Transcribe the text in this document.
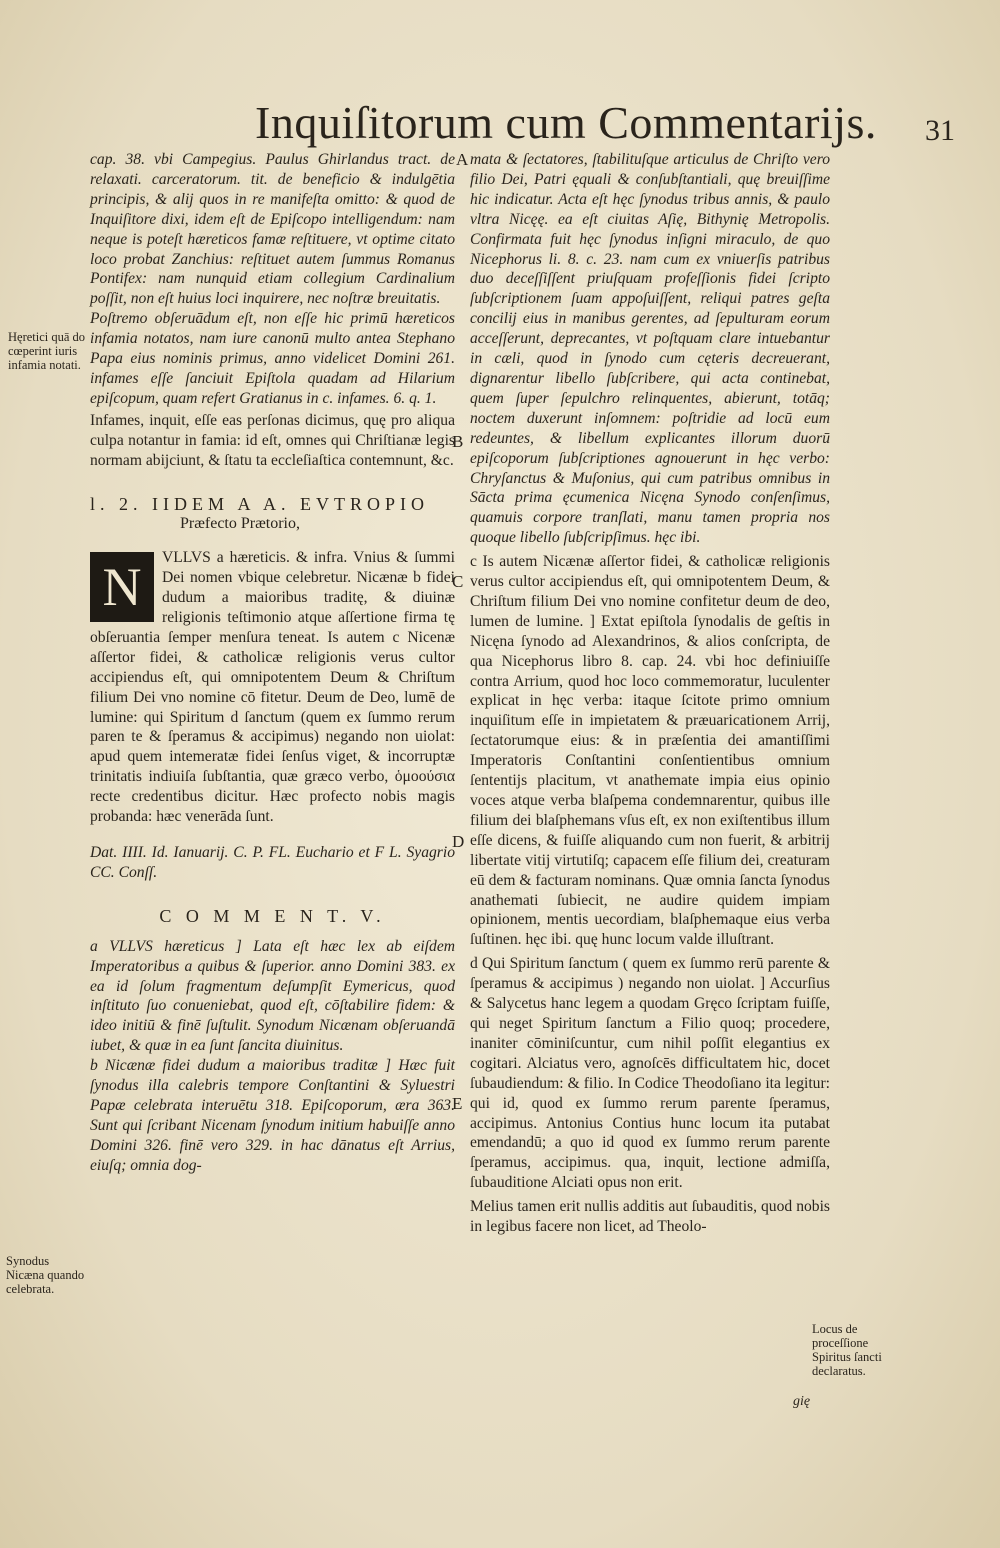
Inquiſitorum cum Commentarijs. 31

cap. 38. vbi Campegius. Paulus Ghirlandus tract. de relaxati. carceratorum. tit. de beneficio & indulgētia principis, & alij quos in re manifeſta omitto: & quod de Inquiſitore dixi, idem eſt de Epiſcopo intelligendum: nam neque is poteſt hæreticos famæ reſtituere, vt optime citato loco probat Zanchius: reſtituet autem ſummus Romanus Pontifex: nam nunquid etiam collegium Cardinalium poſſit, non eſt huius loci inquirere, nec noſtræ breuitatis.

Poſtremo obſeruādum eſt, non eſſe hic primū hæreticos infamia notatos, nam iure canonū multo antea Stephano Papa eius nominis primus, anno videlicet Domini 261. infames eſſe ſanciuit Epiſtola quadam ad Hilarium epiſcopum, quam refert Gratianus in c. infames. 6. q. 1.

Infames, inquit, eſſe eas perſonas dicimus, quę pro aliqua culpa notantur in famia: id eſt, omnes qui Chriſtianæ legis normam abijciunt, & ſtatu ta eccleſiaſtica contemnunt, &c.

l. 2. IIDEM A A. EVTROPIO
Præfecto Prætorio,
N	VLLVS a hæreticis. & infra. Vnius & ſummi Dei nomen vbique celebretur. Nicænæ b fidei dudum a maioribus traditę, & diuinæ religionis teſtimonio atque aſſertione firma tę obſeruantia ſemper menſura teneat. Is autem c Nicenæ aſſertor fidei, & catholicæ religionis verus cultor accipiendus eſt, qui omnipotentem Deum & Chriſtum filium Dei vno nomine cō fitetur. Deum de Deo, lumē de lumine: qui Spiritum d ſanctum (quem ex ſummo rerum paren te & ſperamus & accipimus) negando non uiolat: apud quem intemeratæ fidei ſenſus viget, & incorruptæ trinitatis indiuiſa ſubſtantia, quæ græco verbo, ὁμοούσια recte credentibus dicitur. Hæc profecto nobis magis probanda: hæc venerāda ſunt.

Dat. IIII. Id. Ianuarij. C. P. FL. Euchario et F L. Syagrio CC. Conſſ.

C O M M E N T. V.

a VLLVS hæreticus ] Lata eſt hæc lex ab eiſdem Imperatoribus a quibus & ſuperior. anno Domini 383. ex ea id ſolum fragmentum deſumpſit Eymericus, quod inſtituto ſuo conueniebat, quod eſt, cōſtabilire fidem: & ideo initiū & finē ſuſtulit. Synodum Nicænam obſeruandā iubet, & quæ in ea ſunt ſancita diuinitus.

b Nicænæ fidei dudum a maioribus traditæ ] Hæc fuit ſynodus illa calebris tempore Conſtantini & Syluestri Papæ celebrata interuētu 318. Epiſcoporum, æra 363. Sunt qui ſcribant Nicenam ſynodum initium habuiſſe anno Domini 326. finē vero 329. in hac dānatus eſt Arrius, eiuſq; omnia dog-

mata & ſectatores, ſtabilituſque articulus de Chriſto vero filio Dei, Patri ęquali & conſubſtantiali, quę breuiſſime hic indicatur. Acta eſt hęc ſynodus tribus annis, & paulo vltra Nicęę. ea eſt ciuitas Aſię, Bithynię Metropolis. Confirmata fuit hęc ſynodus inſigni miraculo, de quo Nicephorus li. 8. c. 23. nam cum ex vniuerſis patribus duo deceſſiſſent priuſquam profeſſionis fidei ſcripto ſubſcriptionem ſuam appoſuiſſent, reliqui patres geſta concilij eius in manibus gerentes, ad ſepulturam eorum acceſſerunt, deprecantes, vt poſtquam clare intuebantur in cæli, quod in ſynodo cum cęteris decreuerant, dignarentur libello ſubſcribere, qui acta continebat, quem ſuper ſepulchro relinquentes, abierunt, totāq; noctem duxerunt inſomnem: poſtridie ad locū eum redeuntes, & libellum explicantes illorum duorū epiſcoporum ſubſcriptiones agnouerunt in hęc verbo: Chryſanctus & Muſonius, qui cum patribus omnibus in Sācta prima ęcumenica Nicęna Synodo conſenſimus, quamuis corpore tranſlati, manu tamen propria nos quoque libello ſubſcripſimus. hęc ibi.

c Is autem Nicænæ aſſertor fidei, & catholicæ religionis verus cultor accipiendus eſt, qui omnipotentem Deum, & Chriſtum filium Dei vno nomine confitetur deum de deo, lumen de lumine. ] Extat epiſtola ſynodalis de geſtis in Nicęna ſynodo ad Alexandrinos, & alios conſcripta, de qua Nicephorus libro 8. cap. 24. vbi hoc definiuiſſe contra Arrium, quod hoc loco commemoratur, luculenter explicat in hęc verba: itaque ſcitote primo omnium inquiſitum eſſe in impietatem & præuaricationem Arrij, ſectatorumque eius: & in præſentia dei amantiſſimi Imperatoris Conſtantini conſentientibus omnium ſententijs placitum, vt anathemate impia eius opinio voces atque verba blaſpema condemnarentur, quibus ille filium dei blaſphemans vſus eſt, ex non exiſtentibus illum eſſe dicens, & fuiſſe aliquando cum non fuerit, & arbitrij libertate vitij virtutiſq; capacem eſſe filium dei, creaturam eū dem & facturam nominans. Quæ omnia ſancta ſynodus anathemati ſubiecit, ne audire quidem impiam opinionem, mentis uecordiam, blaſphemaque eius verba ſuſtinen. hęc ibi. quę hunc locum valde illuſtrant.

d Qui Spiritum ſanctum ( quem ex ſummo rerū parente & ſperamus & accipimus ) negando non uiolat. ] Accurſius & Salycetus hanc legem a quodam Gręco ſcriptam fuiſſe, qui neget Spiritum ſanctum a Filio quoq; procedere, inaniter cōminiſcuntur, cum nihil poſſit elegantius ex cogitari. Alciatus vero, agnoſcēs difficultatem hic, docet ſubaudiendum: & filio. In Codice Theodoſiano ita legitur: qui id, quod ex ſummo rerum parente ſperamus, accipimus. Antonius Contius hunc locum ita putabat emendandū; a quo id quod ex ſummo rerum parente ſperamus, accipimus. qua, inquit, lectione admiſſa, ſubauditione Alciati opus non erit.

Melius tamen erit nullis additis aut ſubauditis, quod nobis in legibus facere non licet, ad Theolo-

gię
Hęretici quā do cœperint iuris infamia notati.
Synodus Nicæna quando celebrata.
Locus de proceſſione Spiritus ſancti declaratus.
A
B
C
D
E
